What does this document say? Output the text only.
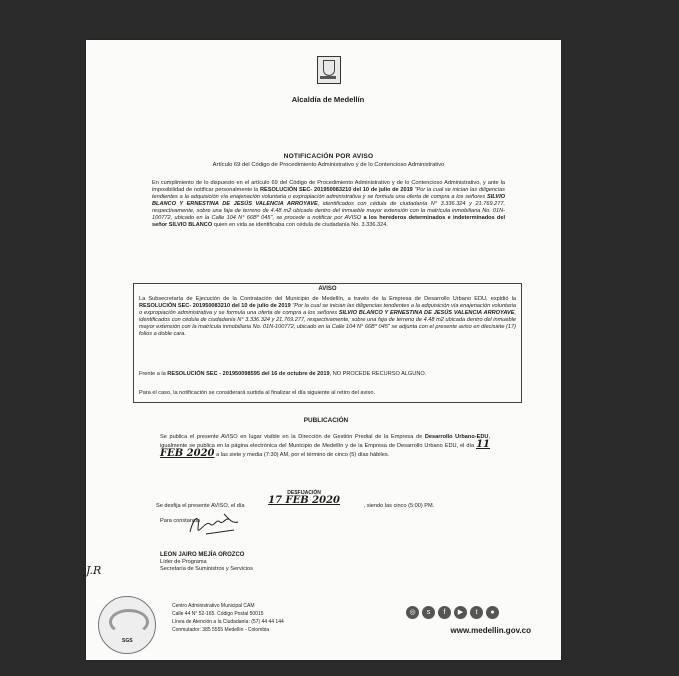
Alcaldía de Medellín
NOTIFICACIÓN POR AVISO
Artículo 69 del Código de Procedimiento Administrativo y de lo Contencioso Administrativo
En cumplimiento de lo dispuesto en el artículo 69 del Código de Procedimiento Administrativo y de lo Contencioso Administrativo, y ante la imposibilidad de notificar personalmente la RESOLUCIÓN SEC- 201950083210 del 10 de julio de 2019 "Por la cual se inician las diligencias tendientes a la adquisición vía enajenación voluntaria o expropiación administrativa y se formula una oferta de compra a los señores SILVIO BLANCO Y ERNESTINA DE JESÚS VALENCIA ARROYAVE, identificados con cédula de ciudadanía N° 3.336.324 y 21.769.277, respectivamente, sobre una faja de terreno de 4.48 m2 ubicada dentro del inmueble mayor extensión con la matrícula inmobiliaria No. 01N-100772, ubicado en la Calle 104 N° 66B* 045", se procede a notificar por AVISO a los herederos determinados e indeterminados del señor SILVIO BLANCO quien en vida se identificaba con cédula de ciudadanía No. 3.336.324.
AVISO
La Subsecretaría de Ejecución de la Contratación del Municipio de Medellín, a través de la Empresa de Desarrollo Urbano EDU, expidió la RESOLUCIÓN SEC- 201950083210 del 10 de julio de 2019 "Por la cual se inician las diligencias tendientes a la adquisición vía enajenación voluntaria o expropiación administrativa y se formula una oferta de compra a los señores SILVIO BLANCO Y ERNESTINA DE JESÚS VALENCIA ARROYAVE, identificados con cédula de ciudadanía N° 3.336.324 y 21.769.277, respectivamente, sobre una faja de terreno de 4.48 m2 ubicada dentro del inmueble mayor extensión con la matrícula inmobiliaria No. 01N-100772, ubicado en la Calle 104 N° 66B* 045" se adjunta con el presente aviso en diecisiete (17) folios a doble cara.
Frente a la RESOLUCIÓN SEC - 201950098595 del 16 de octubre de 2019, NO PROCEDE RECURSO ALGUNO.
Para el caso, la notificación se considerará surtida al finalizar el día siguiente al retiro del aviso.
PUBLICACIÓN
Se publica el presente AVISO en lugar visible en la Dirección de Gestión Predial de la Empresa de Desarrollo Urbano-EDU, igualmente se publica en la página electrónica del Municipio de Medellín y de la Empresa de Desarrollo Urbano EDU, el día 11 FEB 2020 a las siete y media (7:30) AM, por el término de cinco (5) días hábiles.
Se desfija el presente AVISO, el día
DESFIJACIÓN
17 FEB 2020	, siendo las cinco (5:00) PM.
Para constancia
LEON JAIRO MEJÍA OROZCO
Líder de Programa
Secretaría de Suministros y Servicios
J.R
SGS
Centro Administrativo Municipal CAM
Calle 44 N° 52-165. Código Postal 50015
Línea de Atención a la Ciudadanía: (57) 44 44 144
Conmutador: 385 5555 Medellín - Colombia
◎	s	f	▶	t	●
www.medellin.gov.co
